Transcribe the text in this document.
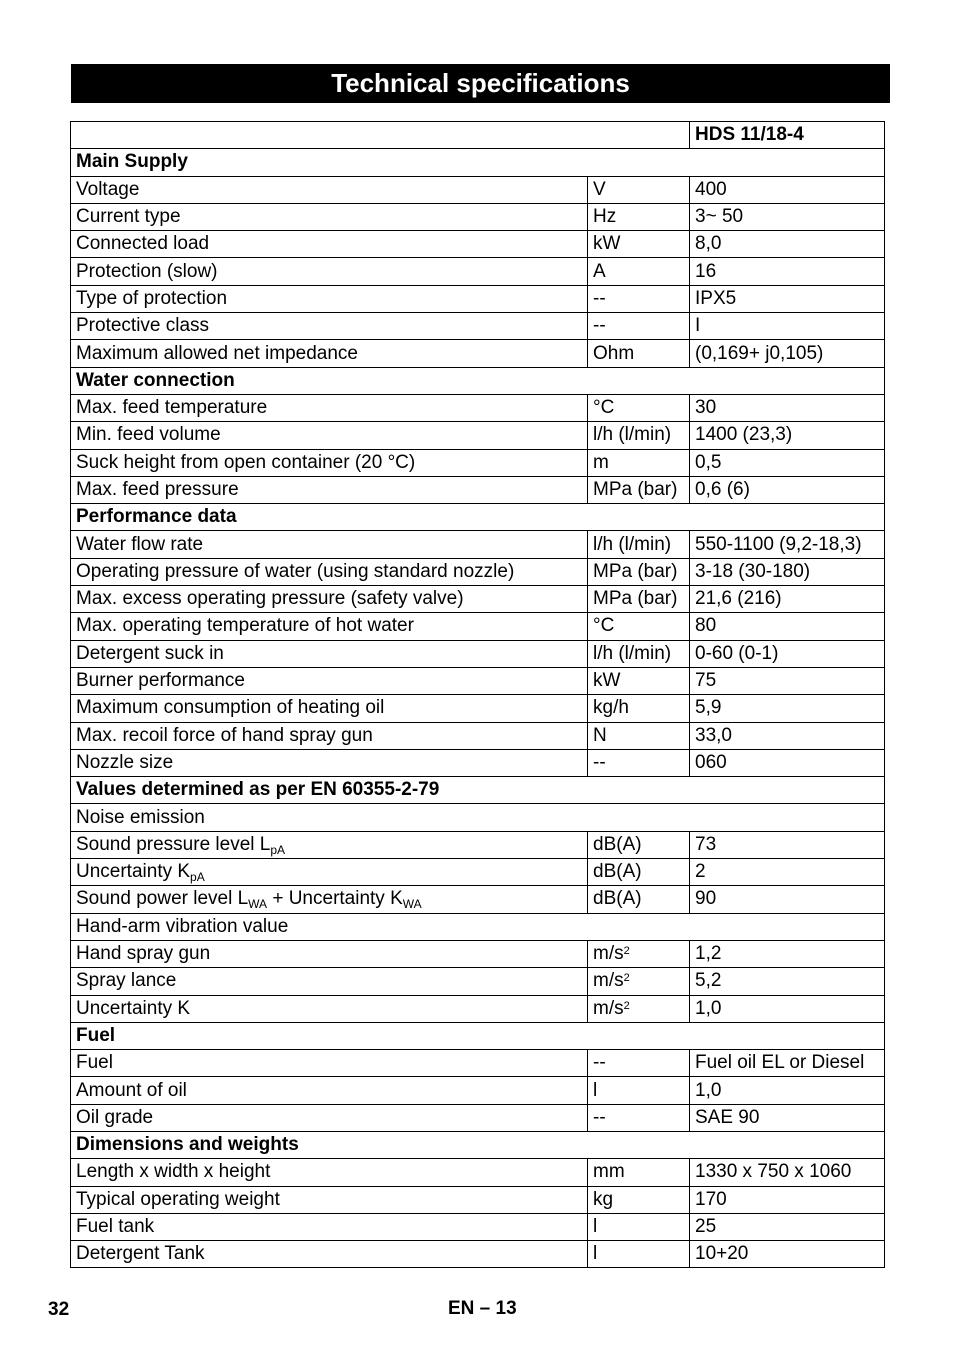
Technical specifications
		HDS 11/18-4
Main Supply		
Voltage	V	400
Current type	Hz	3~ 50
Connected load	kW	8,0
Protection (slow)	A	16
Type of protection	--	IPX5
Protective class	--	I
Maximum allowed net impedance	Ohm	(0,169+ j0,105)
Water connection		
Max. feed temperature	°C	30
Min. feed volume	l/h (l/min)	1400 (23,3)
Suck height from open container (20 °C)	m	0,5
Max. feed pressure	MPa (bar)	0,6 (6)
Performance data		
Water flow rate	l/h (l/min)	550-1100 (9,2-18,3)
Operating pressure of water (using standard nozzle)	MPa (bar)	3-18 (30-180)
Max. excess operating pressure (safety valve)	MPa (bar)	21,6 (216)
Max. operating temperature of hot water	°C	80
Detergent suck in	l/h (l/min)	0-60 (0-1)
Burner performance	kW	75
Maximum consumption of heating oil	kg/h	5,9
Max. recoil force of hand spray gun	N	33,0
Nozzle size	--	060
Values determined as per EN 60355-2-79		
Noise emission		
Sound pressure level $L_{pA}$	dB(A)	73
Uncertainty $K_{pA}$	dB(A)	2
Sound power level $L_{WA}$ + Uncertainty $K_{WA}$	dB(A)	90
Hand-arm vibration value		
Hand spray gun	$m/s^2$	1,2
Spray lance	$m/s^2$	5,2
Uncertainty K	$m/s^2$	1,0
Fuel		
Fuel	--	Fuel oil EL or Diesel
Amount of oil	l	1,0
Oil grade	--	SAE 90
Dimensions and weights		
Length x width x height	mm	1330 x 750 x 1060
Typical operating weight	kg	170
Fuel tank	l	25
Detergent Tank	l	10+20
32	EN – 13
